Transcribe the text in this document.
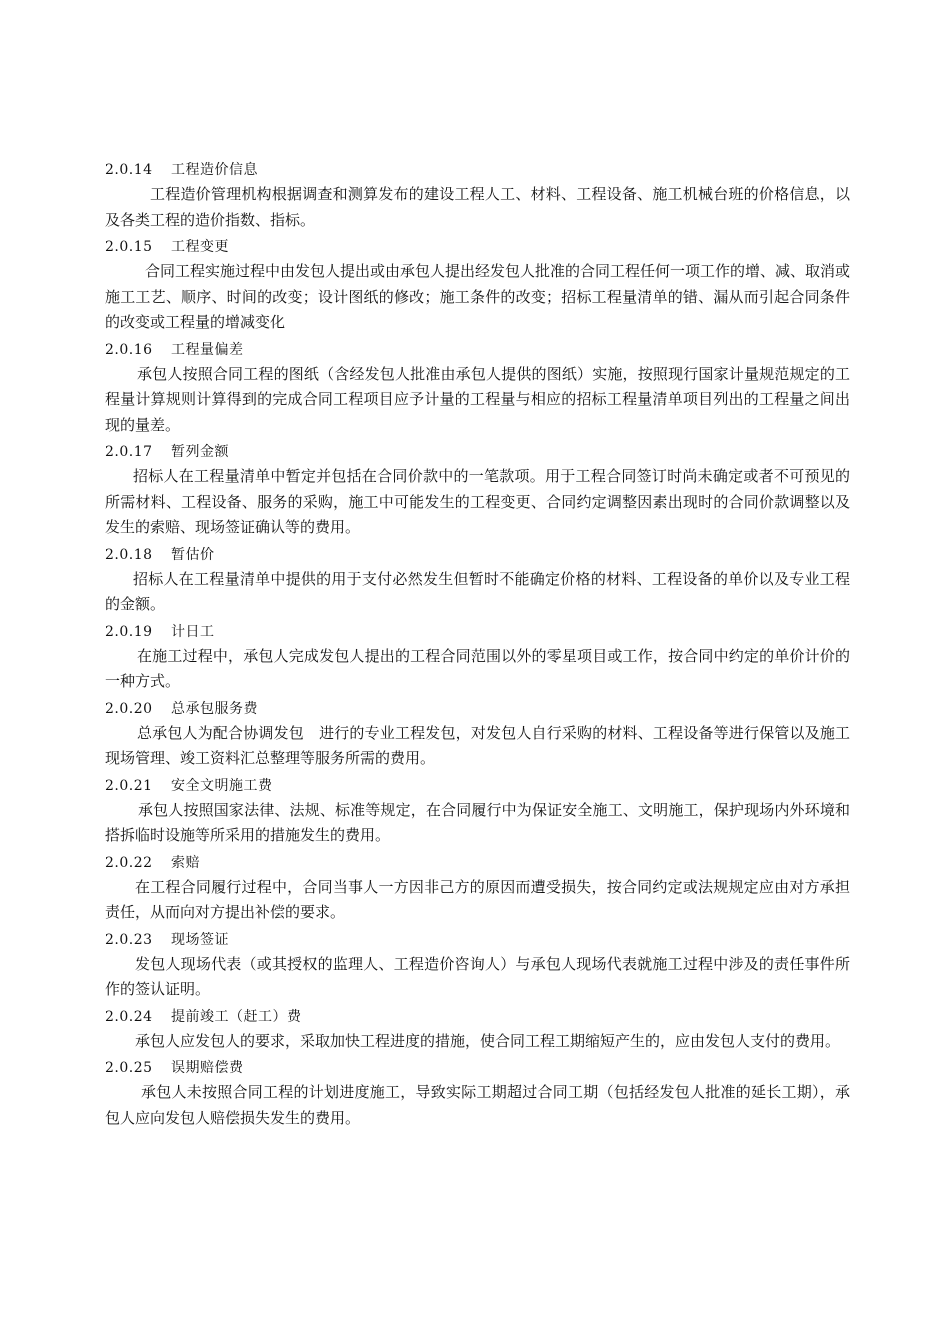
2.0.14 工程造价信息
工程造价管理机构根据调查和测算发布的建设工程人工、材料、工程设备、施工机械台班的价格信息，以及各类工程的造价指数、指标。
2.0.15 工程变更
合同工程实施过程中由发包人提出或由承包人提出经发包人批准的合同工程任何一项工作的增、减、取消或施工工艺、顺序、时间的改变；设计图纸的修改；施工条件的改变；招标工程量清单的错、漏从而引起合同条件的改变或工程量的增减变化
2.0.16 工程量偏差
承包人按照合同工程的图纸（含经发包人批准由承包人提供的图纸）实施，按照现行国家计量规范规定的工程量计算规则计算得到的完成合同工程项目应予计量的工程量与相应的招标工程量清单项目列出的工程量之间出现的量差。
2.0.17 暂列金额
招标人在工程量清单中暂定并包括在合同价款中的一笔款项。用于工程合同签订时尚未确定或者不可预见的所需材料、工程设备、服务的采购，施工中可能发生的工程变更、合同约定调整因素出现时的合同价款调整以及发生的索赔、现场签证确认等的费用。
2.0.18 暂估价
招标人在工程量清单中提供的用于支付必然发生但暂时不能确定价格的材料、工程设备的单价以及专业工程的金额。
2.0.19 计日工
在施工过程中，承包人完成发包人提出的工程合同范围以外的零星项目或工作，按合同中约定的单价计价的一种方式。
2.0.20 总承包服务费
总承包人为配合协调发包　进行的专业工程发包，对发包人自行采购的材料、工程设备等进行保管以及施工现场管理、竣工资料汇总整理等服务所需的费用。
2.0.21 安全文明施工费
承包人按照国家法律、法规、标准等规定，在合同履行中为保证安全施工、文明施工，保护现场内外环境和搭拆临时设施等所采用的措施发生的费用。
2.0.22 索赔
在工程合同履行过程中，合同当事人一方因非己方的原因而遭受损失，按合同约定或法规规定应由对方承担责任，从而向对方提出补偿的要求。
2.0.23 现场签证
发包人现场代表（或其授权的监理人、工程造价咨询人）与承包人现场代表就施工过程中涉及的责任事件所作的签认证明。
2.0.24 提前竣工（赶工）费
承包人应发包人的要求，采取加快工程进度的措施，使合同工程工期缩短产生的，应由发包人支付的费用。
2.0.25 误期赔偿费
承包人未按照合同工程的计划进度施工，导致实际工期超过合同工期（包括经发包人批准的延长工期），承包人应向发包人赔偿损失发生的费用。
